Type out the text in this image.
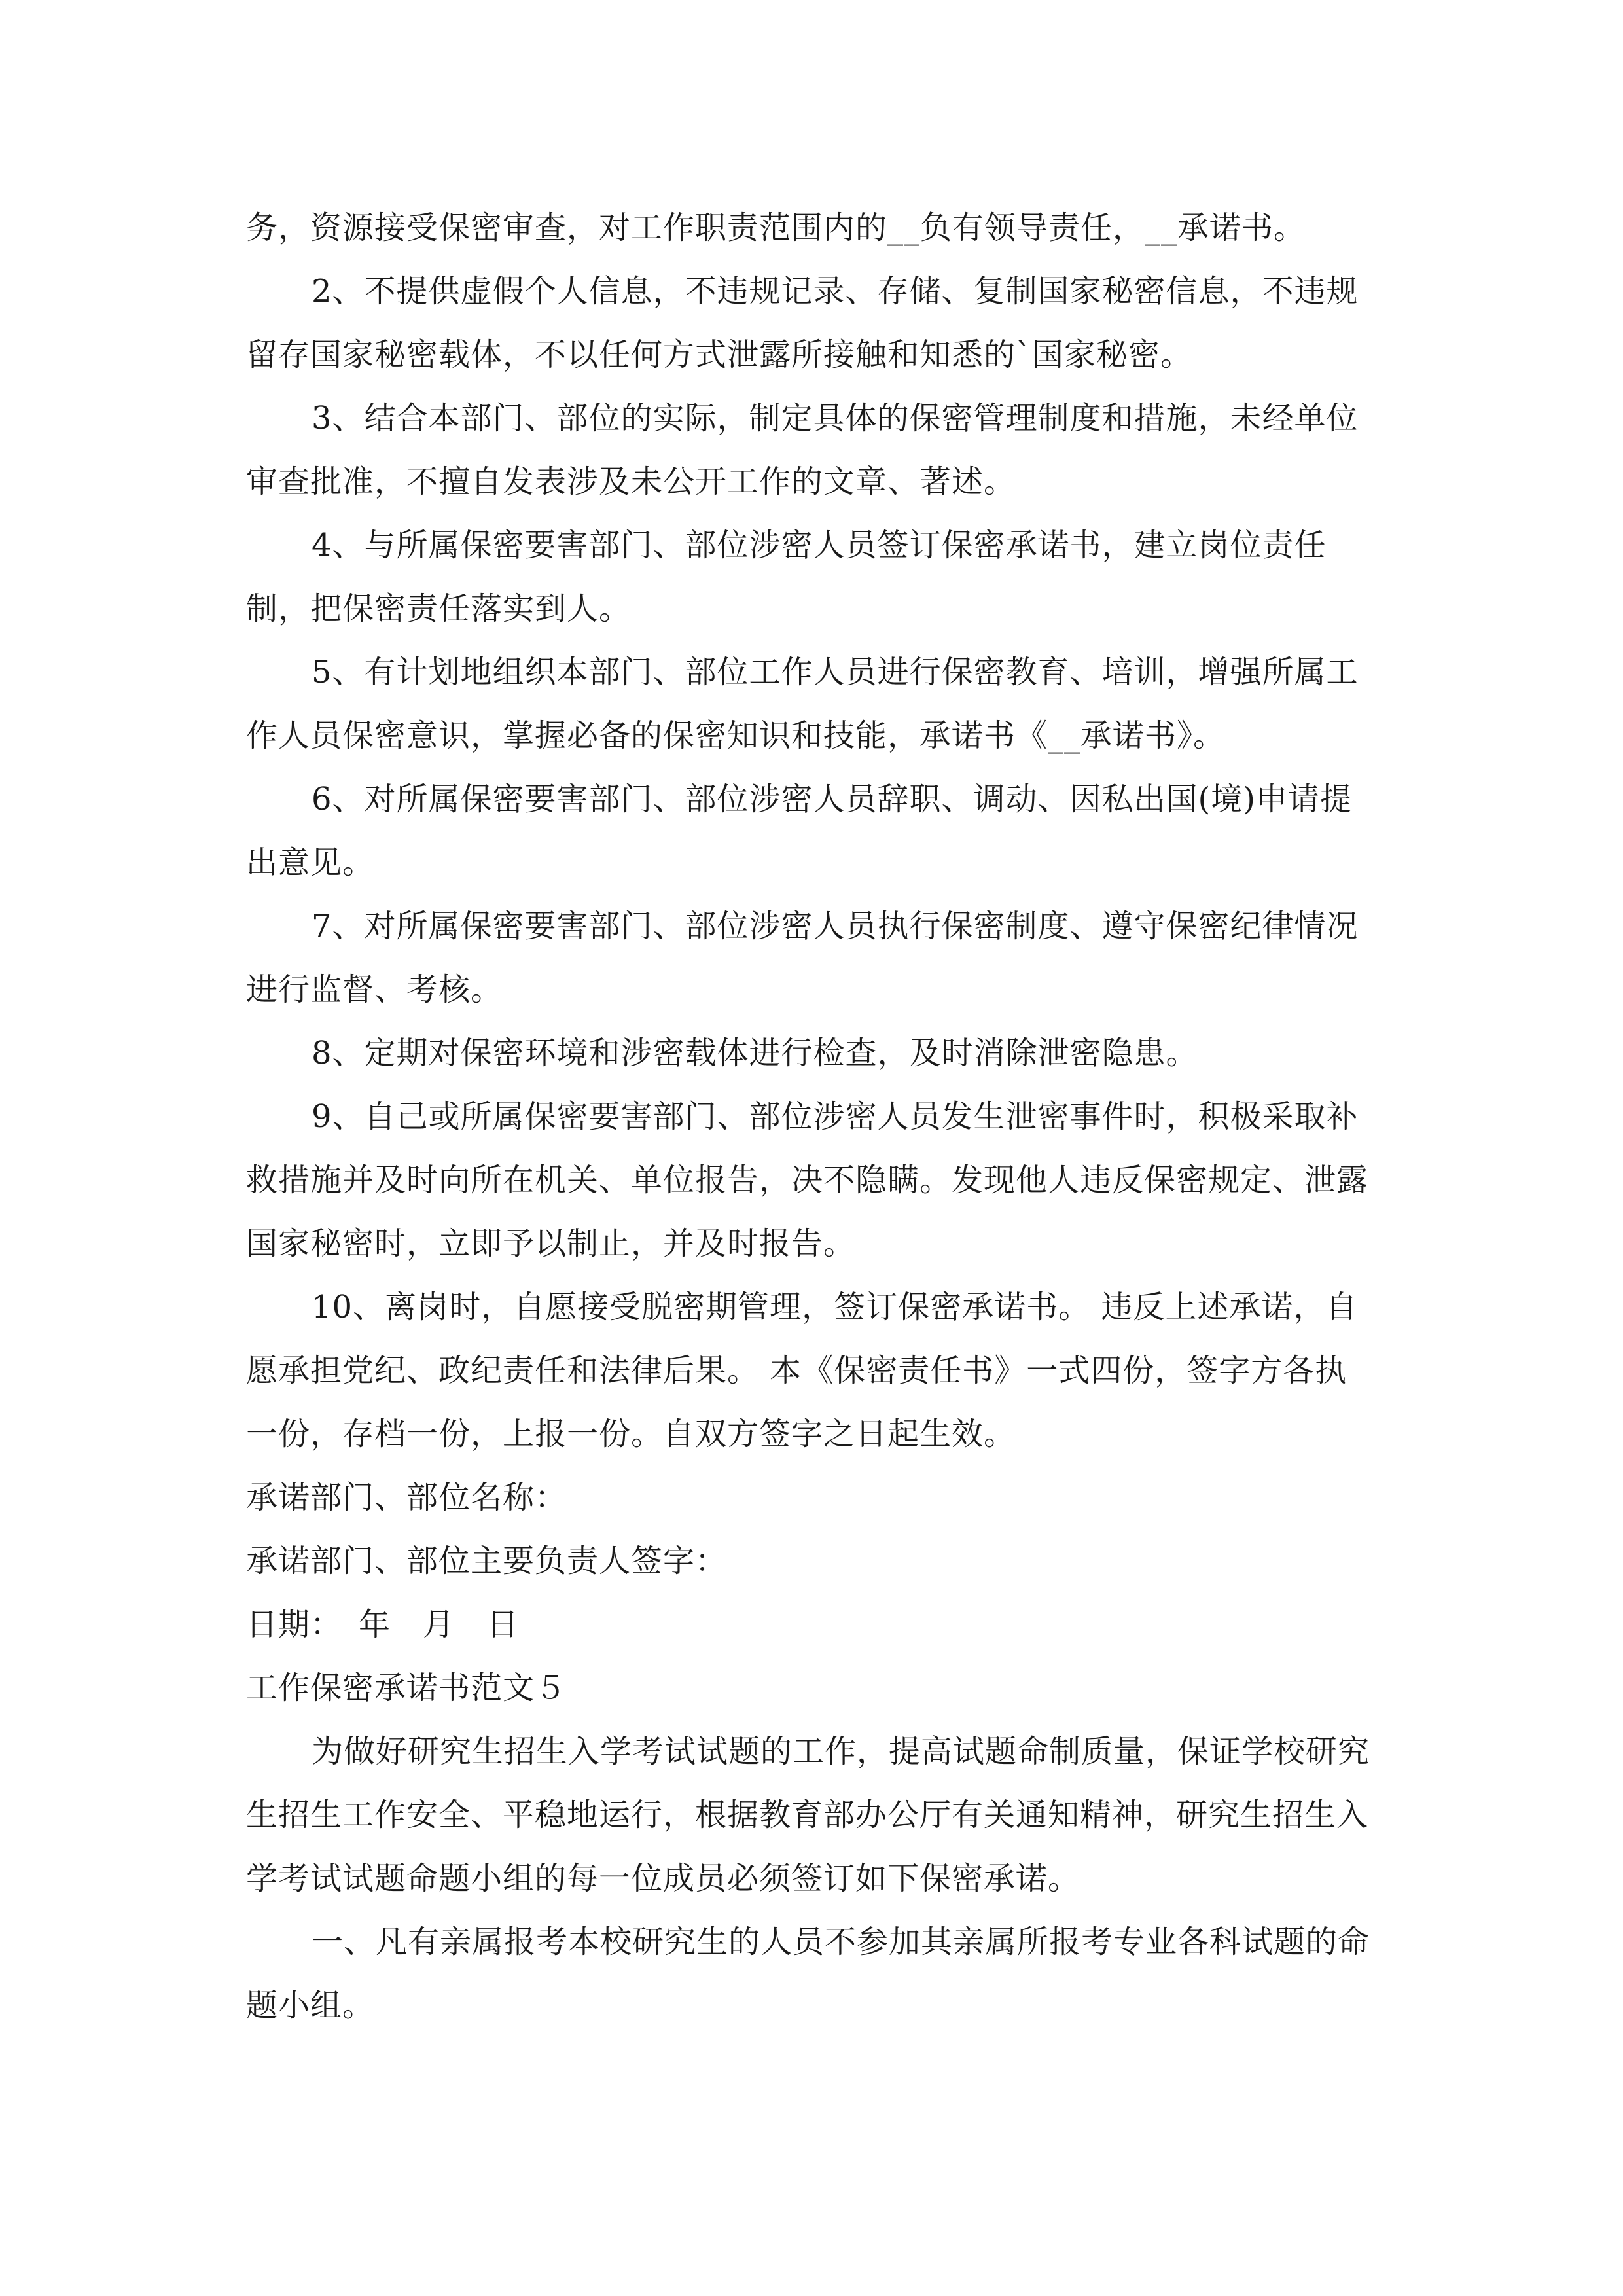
务，资源接受保密审查，对工作职责范围内的__负有领导责任，__承诺书。

2、不提供虚假个人信息，不违规记录、存储、复制国家秘密信息，不违规留存国家秘密载体，不以任何方式泄露所接触和知悉的`国家秘密。

3、结合本部门、部位的实际，制定具体的保密管理制度和措施，未经单位审查批准，不擅自发表涉及未公开工作的文章、著述。

4、与所属保密要害部门、部位涉密人员签订保密承诺书，建立岗位责任制，把保密责任落实到人。

5、有计划地组织本部门、部位工作人员进行保密教育、培训，增强所属工作人员保密意识，掌握必备的保密知识和技能，承诺书《__承诺书》。

6、对所属保密要害部门、部位涉密人员辞职、调动、因私出国(境)申请提出意见。

7、对所属保密要害部门、部位涉密人员执行保密制度、遵守保密纪律情况进行监督、考核。

8、定期对保密环境和涉密载体进行检查，及时消除泄密隐患。

9、自己或所属保密要害部门、部位涉密人员发生泄密事件时，积极采取补救措施并及时向所在机关、单位报告，决不隐瞒。发现他人违反保密规定、泄露国家秘密时，立即予以制止，并及时报告。

10、离岗时，自愿接受脱密期管理，签订保密承诺书。 违反上述承诺，自愿承担党纪、政纪责任和法律后果。 本《保密责任书》一式四份，签字方各执一份，存档一份，上报一份。自双方签字之日起生效。

承诺部门、部位名称：

承诺部门、部位主要负责人签字：

日期：　年　月　日

工作保密承诺书范文５

为做好研究生招生入学考试试题的工作，提高试题命制质量，保证学校研究生招生工作安全、平稳地运行，根据教育部办公厅有关通知精神，研究生招生入学考试试题命题小组的每一位成员必须签订如下保密承诺。

一、凡有亲属报考本校研究生的人员不参加其亲属所报考专业各科试题的命题小组。
